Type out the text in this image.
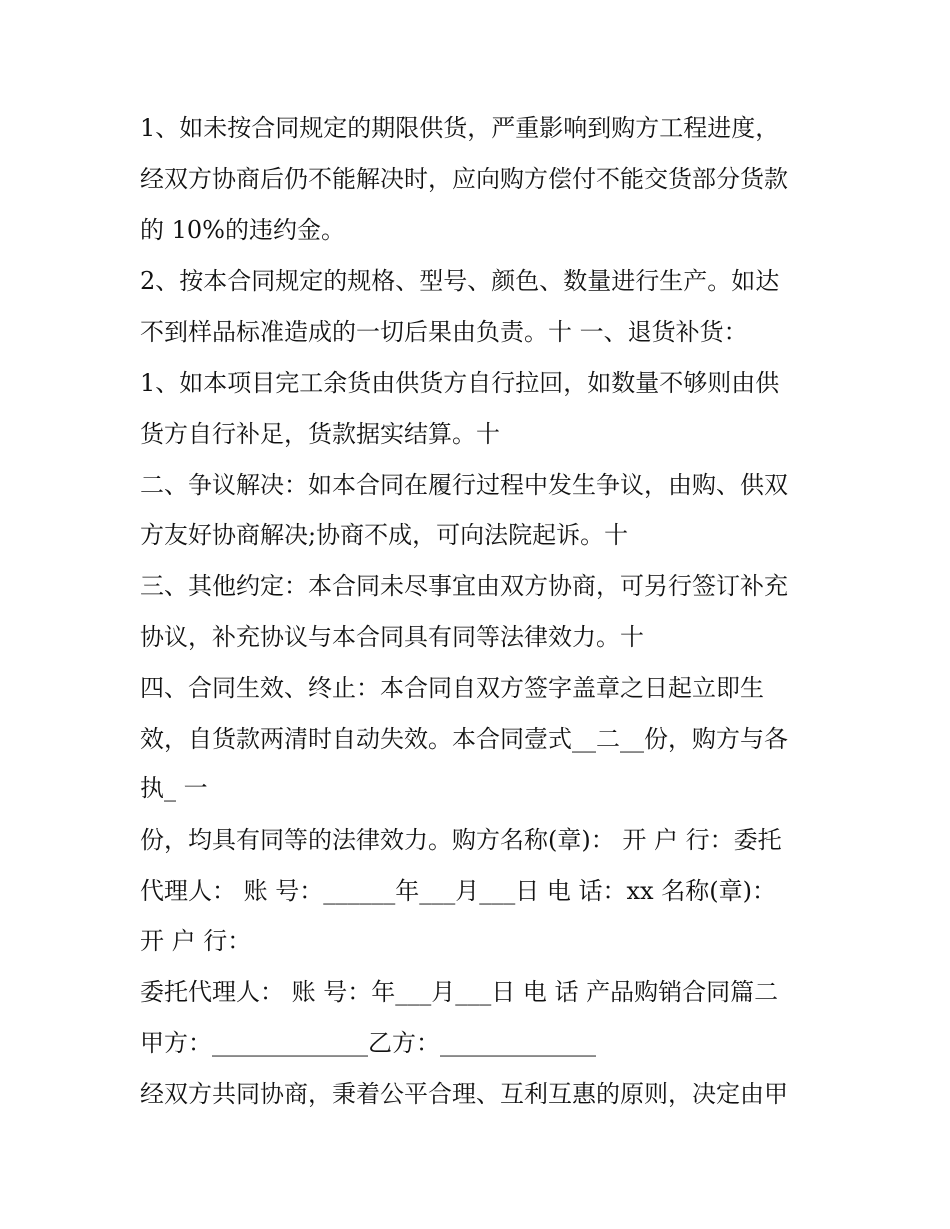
1、如未按合同规定的期限供货，严重影响到购方工程进度，
经双方协商后仍不能解决时，应向购方偿付不能交货部分货款
的 10%的违约金。
2、按本合同规定的规格、型号、颜色、数量进行生产。如达
不到样品标准造成的一切后果由负责。十 一、退货补货：
1、如本项目完工余货由供货方自行拉回，如数量不够则由供
货方自行补足，货款据实结算。十
二、争议解决：如本合同在履行过程中发生争议，由购、供双
方友好协商解决;协商不成，可向法院起诉。十
三、其他约定：本合同未尽事宜由双方协商，可另行签订补充
协议，补充协议与本合同具有同等法律效力。十
四、合同生效、终止：本合同自双方签字盖章之日起立即生
效，自货款两清时自动失效。本合同壹式__二__份，购方与各
执_ 一
份，均具有同等的法律效力。购方名称(章)： 开 户 行：委托
代理人： 账 号：______年___月___日 电 话：xx 名称(章)：
开 户 行：
委托代理人： 账 号：年___月___日 电 话 产品购销合同篇二
甲方：_____________乙方：_____________
经双方共同协商，秉着公平合理、互利互惠的原则，决定由甲
